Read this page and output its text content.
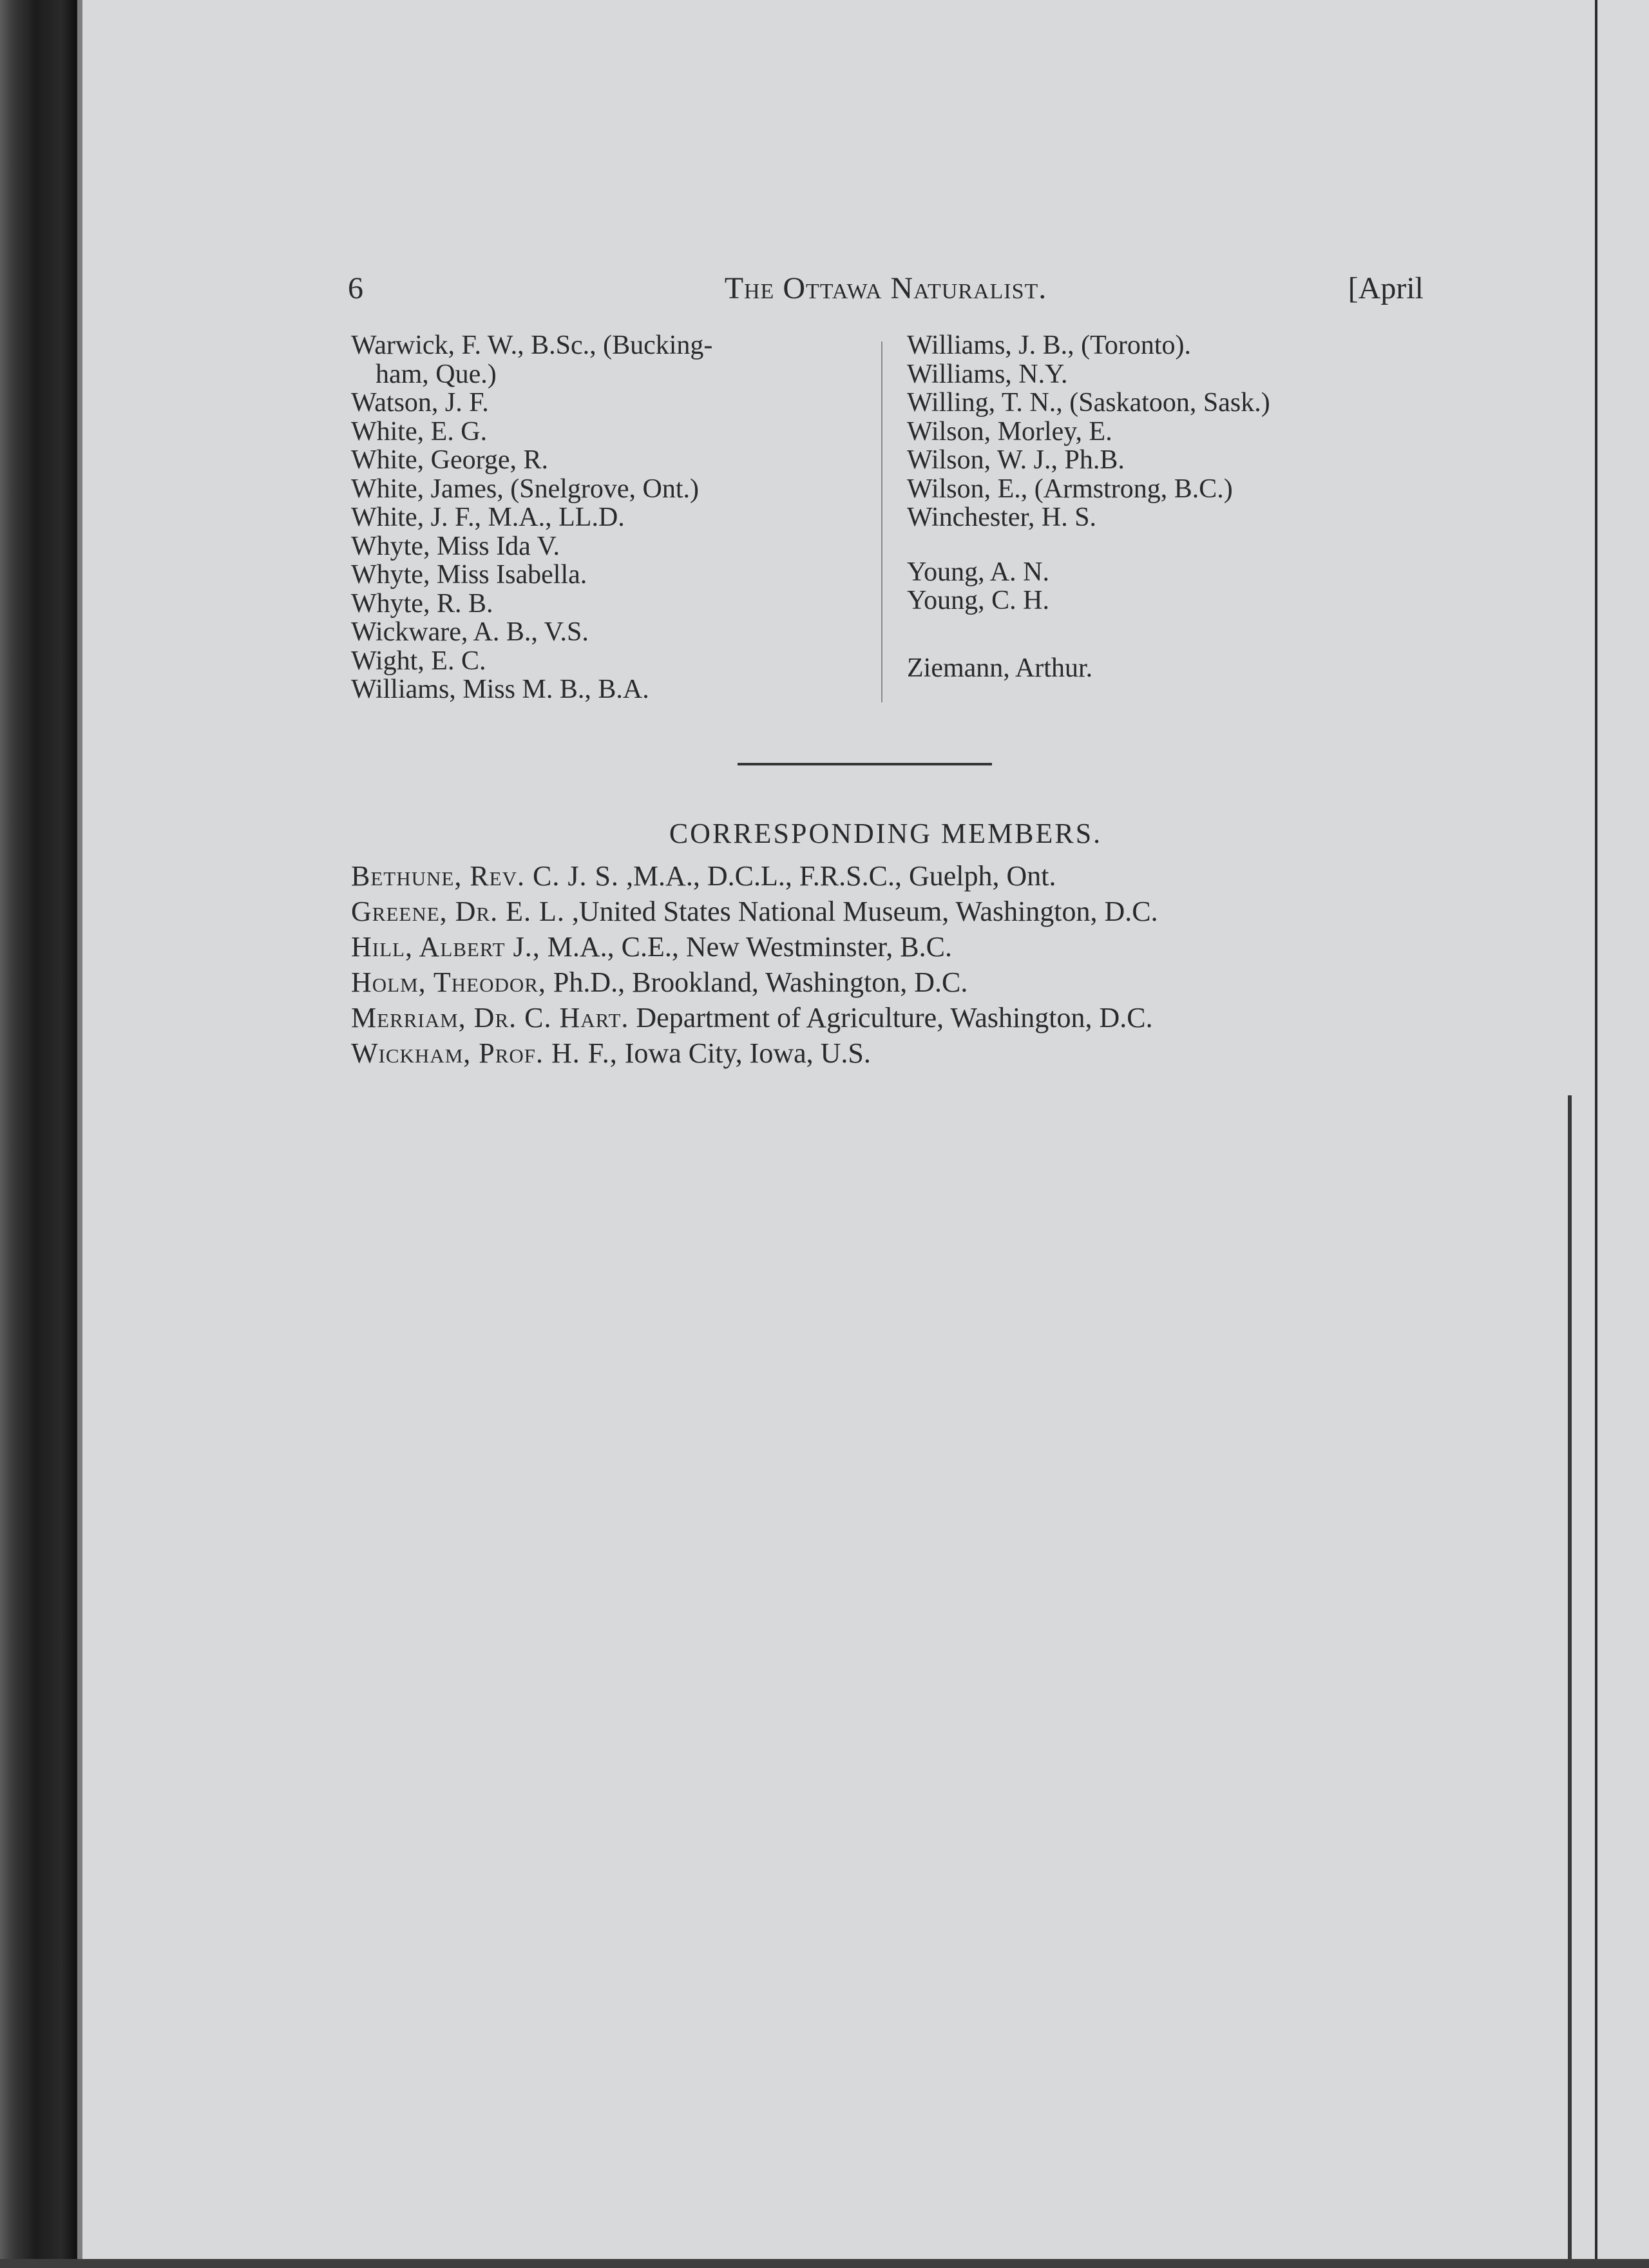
6	The Ottawa Naturalist.	[April
Warwick, F. W., B.Sc., (Bucking-
ham, Que.)
Watson, J. F.
White, E. G.
White, George, R.
White, James, (Snelgrove, Ont.)
White, J. F., M.A., LL.D.
Whyte, Miss Ida V.
Whyte, Miss Isabella.
Whyte, R. B.
Wickware, A. B., V.S.
Wight, E. C.
Williams, Miss M. B., B.A.
Williams, J. B., (Toronto).
Williams, N.Y.
Willing, T. N., (Saskatoon, Sask.)
Wilson, Morley, E.
Wilson, W. J., Ph.B.
Wilson, E., (Armstrong, B.C.)
Winchester, H. S.
Young, A. N.
Young, C. H.
Ziemann, Arthur.
CORRESPONDING MEMBERS.
Bethune, Rev. C. J. S. ,M.A., D.C.L., F.R.S.C., Guelph, Ont.
Greene, Dr. E. L. ,United States National Museum, Washington, D.C.
Hill, Albert J., M.A., C.E., New Westminster, B.C.
Holm, Theodor, Ph.D., Brookland, Washington, D.C.
Merriam, Dr. C. Hart. Department of Agriculture, Washington, D.C.
Wickham, Prof. H. F., Iowa City, Iowa, U.S.
